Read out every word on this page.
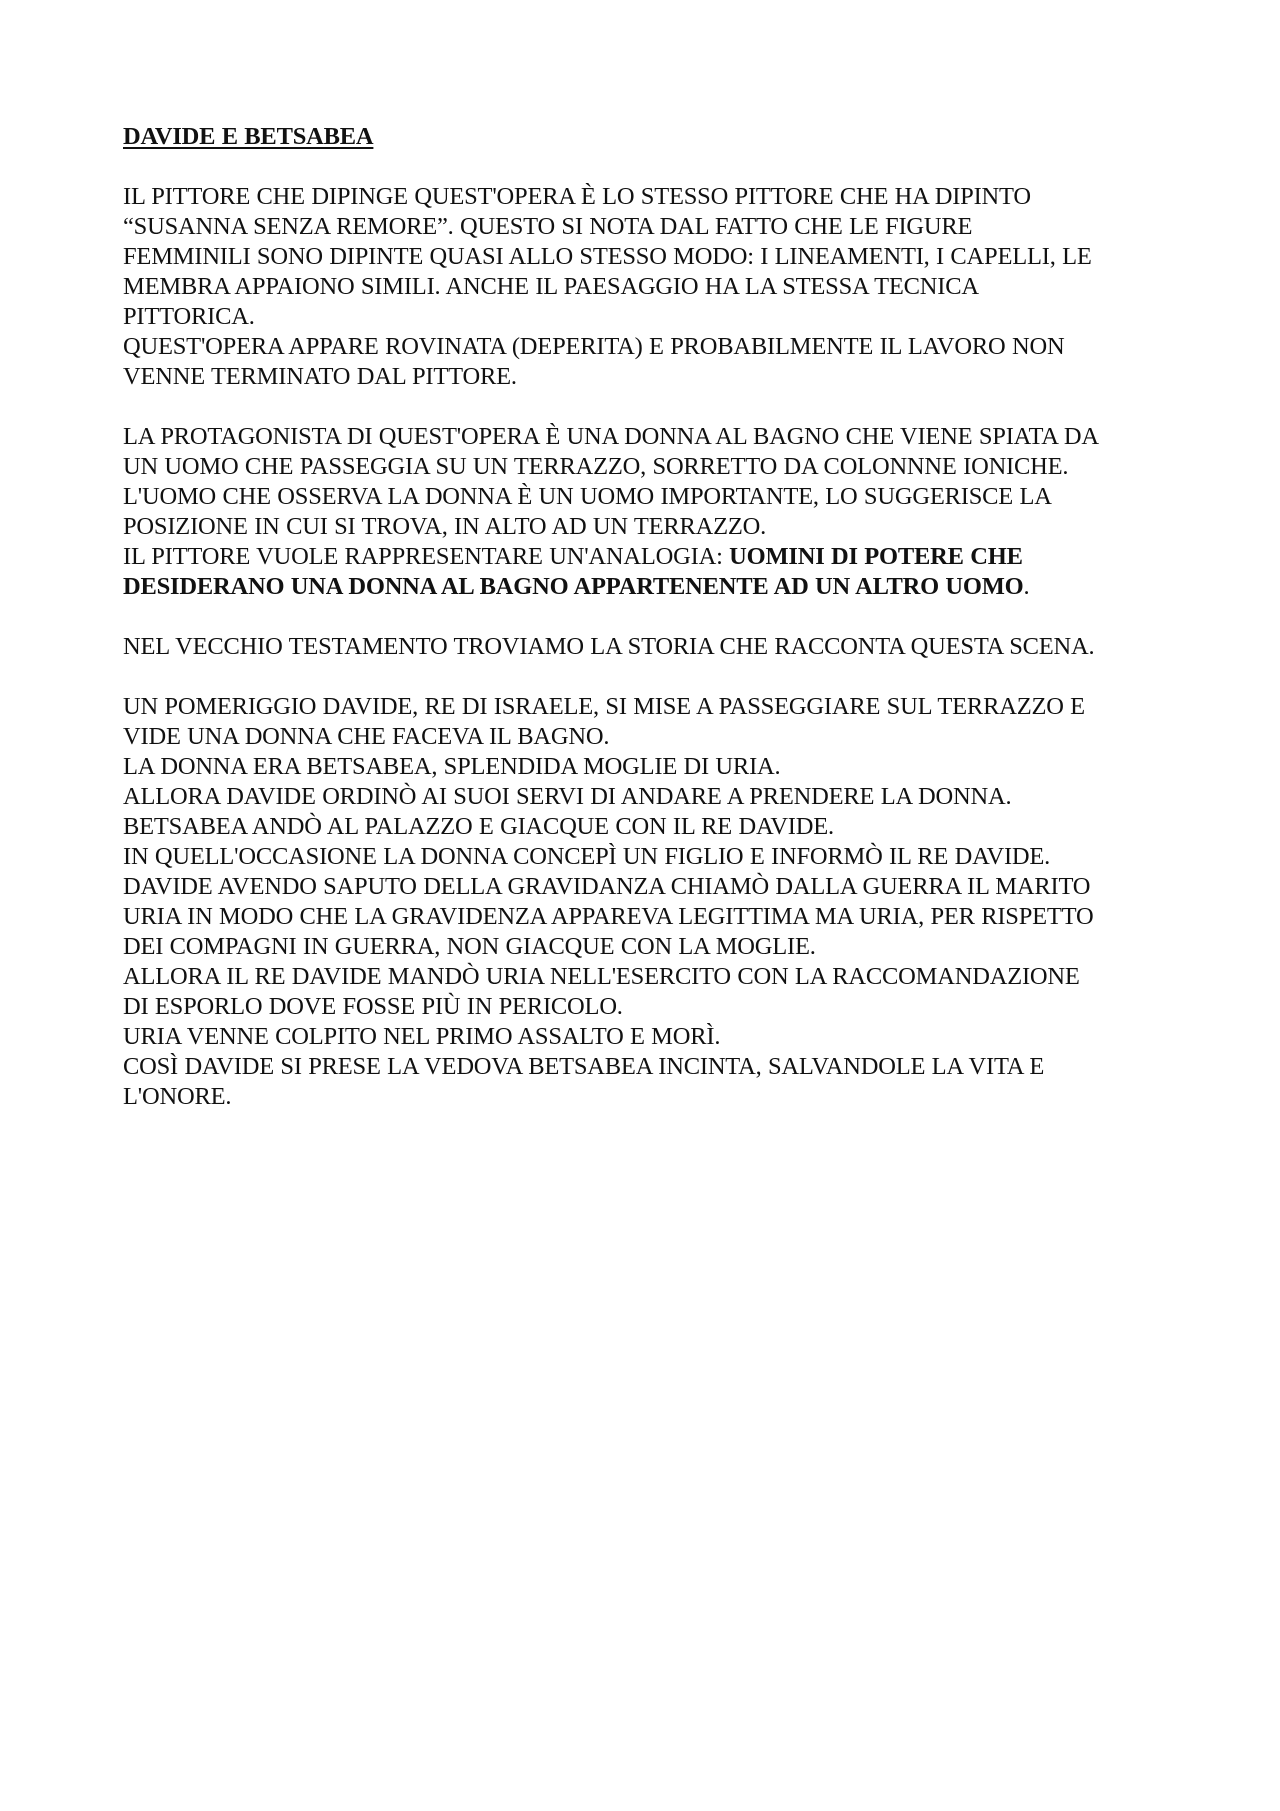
DAVIDE E BETSABEA
IL PITTORE CHE DIPINGE QUEST'OPERA È LO STESSO PITTORE CHE HA DIPINTO
“SUSANNA SENZA REMORE”. QUESTO SI NOTA DAL FATTO CHE LE FIGURE
FEMMINILI SONO DIPINTE QUASI ALLO STESSO MODO: I LINEAMENTI, I CAPELLI, LE
MEMBRA APPAIONO SIMILI. ANCHE IL PAESAGGIO HA LA STESSA TECNICA
PITTORICA.
QUEST'OPERA APPARE ROVINATA (DEPERITA) E PROBABILMENTE IL LAVORO NON
VENNE TERMINATO DAL PITTORE.
LA PROTAGONISTA DI QUEST'OPERA È UNA DONNA AL BAGNO CHE VIENE SPIATA DA
UN UOMO CHE PASSEGGIA SU UN TERRAZZO, SORRETTO DA COLONNNE IONICHE.
L'UOMO CHE OSSERVA LA DONNA È UN UOMO IMPORTANTE, LO SUGGERISCE LA
POSIZIONE IN CUI SI TROVA, IN ALTO AD UN TERRAZZO.
IL PITTORE VUOLE RAPPRESENTARE UN'ANALOGIA: UOMINI DI POTERE CHE
DESIDERANO UNA DONNA AL BAGNO APPARTENENTE AD UN ALTRO UOMO.
NEL VECCHIO TESTAMENTO TROVIAMO LA STORIA CHE RACCONTA QUESTA SCENA.
UN POMERIGGIO DAVIDE, RE DI ISRAELE, SI MISE A PASSEGGIARE SUL TERRAZZO E
VIDE UNA DONNA CHE FACEVA IL BAGNO.
LA DONNA ERA BETSABEA, SPLENDIDA MOGLIE DI URIA.
ALLORA DAVIDE ORDINÒ AI SUOI SERVI DI ANDARE A PRENDERE LA DONNA.
BETSABEA ANDÒ AL PALAZZO E GIACQUE CON IL RE DAVIDE.
IN QUELL'OCCASIONE LA DONNA CONCEPÌ UN FIGLIO E INFORMÒ IL RE DAVIDE.
DAVIDE AVENDO SAPUTO DELLA GRAVIDANZA CHIAMÒ DALLA GUERRA IL MARITO
URIA IN MODO CHE LA GRAVIDENZA APPAREVA LEGITTIMA MA URIA, PER RISPETTO
DEI COMPAGNI IN GUERRA, NON GIACQUE CON LA MOGLIE.
ALLORA IL RE DAVIDE MANDÒ URIA NELL'ESERCITO CON LA RACCOMANDAZIONE
DI ESPORLO DOVE FOSSE PIÙ IN PERICOLO.
URIA VENNE COLPITO NEL PRIMO ASSALTO E MORÌ.
COSÌ DAVIDE SI PRESE LA VEDOVA BETSABEA INCINTA, SALVANDOLE LA VITA E
L'ONORE.
